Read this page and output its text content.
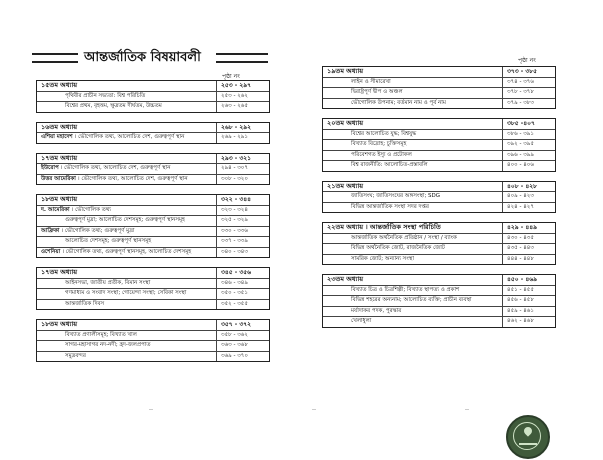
আন্তর্জাতিক বিষয়াবলী
পৃষ্ঠা নং
পৃষ্ঠা নং
১৫তম অধ্যায়	২৫৩ - ২৯৭
পৃথিবীর প্রাচীন সভ্যতা: বিশ্ব পরিচিতি	২৫৩ - ২৬২
বিশ্বের প্রথম, বৃহত্তম, ক্ষুদ্রতম দীর্ঘতম, উচ্চতম	২৬৩ - ২৬৫
১৬তম অধ্যায়	২৬৮ - ২৯২
এশিয়া মহাদেশ । ভৌগোলিক তথ্য, আলোচিত দেশ, গুরুত্বপূর্ণ স্থান	২৬৯ - ২৯১
১৭তম অধ্যায়	২৯৩ - ৩২১
ইউরোপ । ভৌগোলিক তথ্য, আলোচিত দেশ, গুরুত্বপূর্ণ স্থান	২৯৪ - ৩০৭
উত্তর আমেরিকা । ভৌগোলিক তথ্য, আলোচিত দেশ, গুরুত্বপূর্ণ স্থান	৩০৮ - ৩২০
১৮তম অধ্যায়	৩২২ - ৩৪৪
দ. আমেরিকা । ভৌগোলিক তথ্য	৩২৩ - ৩২৪
গুরুত্বপূর্ণ মুদ্রা; আলোচিত দেশসমূহ; গুরুত্বপূর্ণ স্থানসমূহ	৩২৫ - ৩২৯
আফ্রিকা । ভৌগোলিক তথ্য; গুরুত্বপূর্ণ মুদ্রা	৩৩০ - ৩৩৬
আলোচিত দেশসমূহ; গুরুত্বপূর্ণ স্থানসমূহ	৩৩৭ - ৩৩৯
ওশেনিয়া । ভৌগোলিক তথ্য, গুরুত্বপূর্ণ স্থানসমূহ, আলোচিত দেশসমূহ	৩৪০ - ৩৪৩
১৭তম অধ্যায়	৩৪৫ - ৩৫৬
আইনসভা, জাতীয় প্রতীক, বিমান সংস্থা	৩৪৬ - ৩৪৯
গণমাধ্যম ও সংবাদ সংস্থা; গোয়েন্দা সংস্থা; সেবিকা সংস্থা	৩৫০ - ৩৫১
আন্তর্জাতিক দিবস	৩৫২ - ৩৫৫
১৮তম অধ্যায়	৩৫৭ - ৩৭২
বিখ্যাত প্রণালীসমূহ; বিখ্যাত খাল	৩৫৮ - ৩৬২
সাগর-মহাসাগর নদ-নদী; হ্রদ-জলপ্রপাত	৩৬৩ - ৩৬৮
সমুদ্রবন্দর	৩৬৯ - ৩৭০
১৯তম অধ্যায়	৩৭৩ - ৩৮৫
লাইন ও সীমারেখা	৩৭৪ - ৩৭৬
দ্বিরাষ্ট্রপূর্ণ দ্বীপ ও অঞ্চল	৩৭৮ - ৩৭৮
ভৌগোলিক উপনাম; বর্তমান নাম ও পূর্ব নাম	৩৭৯ - ৩৮৩
২০তম অধ্যায়	৩৮৫ -৪০৭
বিশ্বের আলোচিত যুদ্ধ; বিশ্বযুদ্ধ	৩৮৬ - ৩৯১
বিখ্যাত বিদ্রোহ; চুক্তিসমূহ	৩৯২ - ৩৯৫
পরিবেশগত ইস্যু ও প্রটোকল	৩৯৬ - ৩৯৯
বিশ্ব রাজনীতি: আলোচিত-প্রস্তাবলি	৪০০ - ৪০৬
২১তম অধ্যায়	৪০৮ - ৪২৮
জাতিসংঘ; জাতিসংঘের অঙ্গসংস্থা; SDG	৪০৯ - ৪২৩
বিভিন্ন আন্তর্জাতিক সংস্থা সদর দপ্তর	৪২৪ - ৪২৭
২২তম অধ্যায় । আন্তর্জাতিক সংস্থা পরিচিতি	৪২৯ - ৪৪৯
আন্তর্জাতিক অর্থনৈতিক প্রতিষ্ঠান / সংস্থা / ব্যাংক	৪৩০ - ৪৩৫
বিভিন্ন অর্থনৈতিক জোট, রাজনৈতিক জোট	৪৩৫ - ৪৪৩
সামরিক জোট; অন্যান্য সংস্থা	৪৪৪ - ৪৪৮
২৩তম অধ্যায়	৪৫০ - ৪৬৯
বিখ্যাত চিত্র ও চিত্রশিল্পী; বিখ্যাত স্থাপত্য ও প্রকাশ	৪৫১ - ৪৫৫
বিভিন্ন শহরের অন্যনাম; আলোচিত ব্যক্তি; প্রাচীন ব্যবস্থা	৪৫৬ - ৪৫৮
মর্যাদাকর পদক, পুরস্কার	৪৫৯ - ৪৬১
খেলাধুলা	৪৬২ - ৪৬৮
